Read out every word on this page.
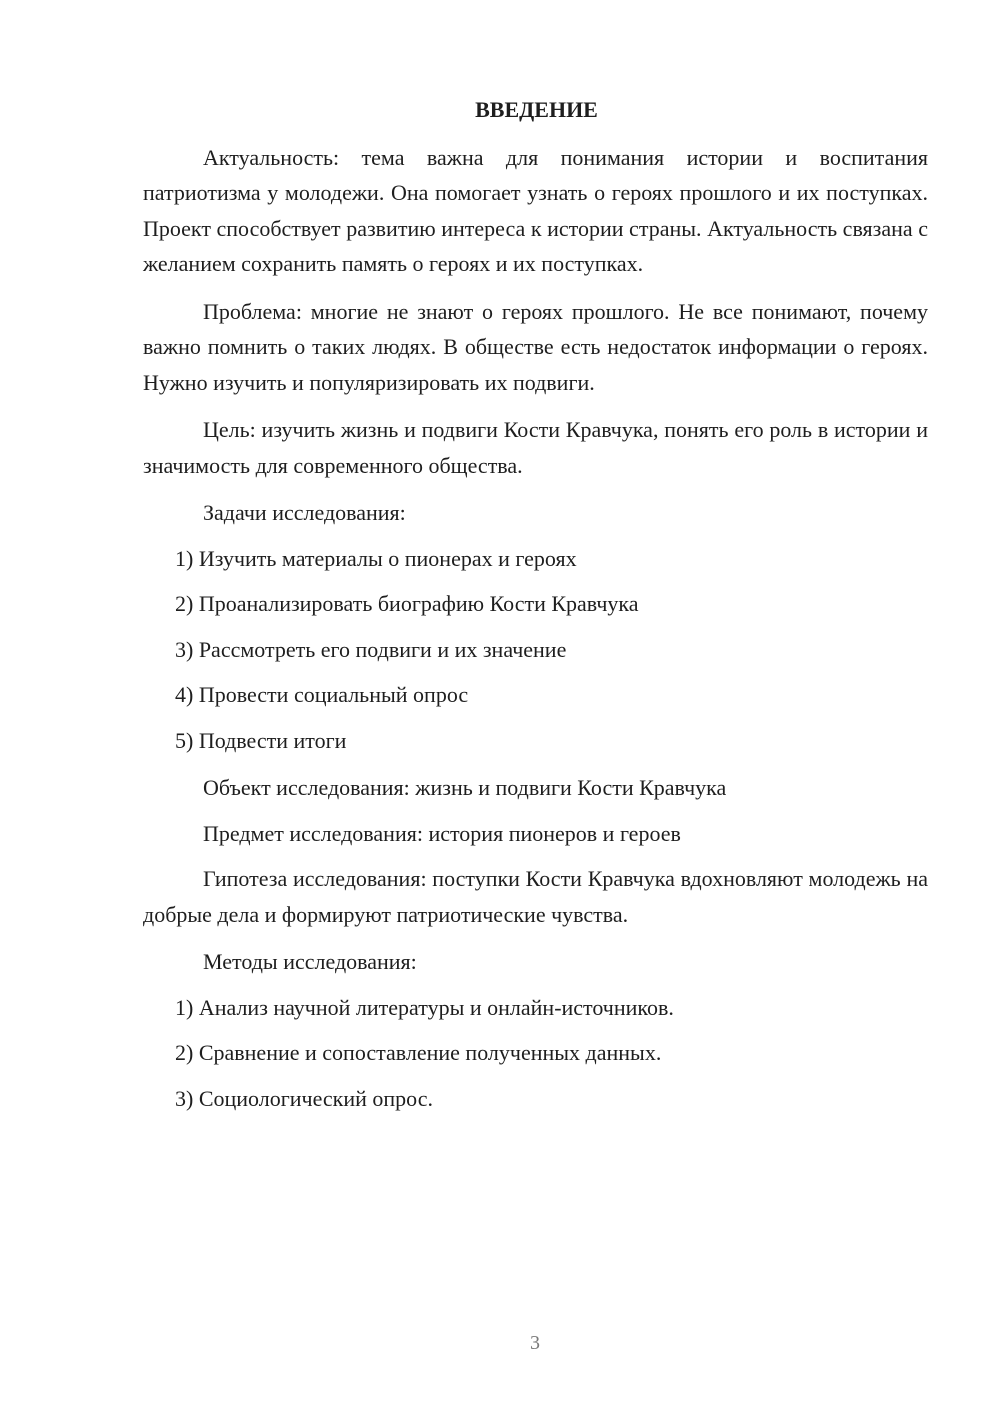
ВВЕДЕНИЕ

Актуальность: тема важна для понимания истории и воспитания патриотизма у молодежи. Она помогает узнать о героях прошлого и их поступках. Проект способствует развитию интереса к истории страны. Актуальность связана с желанием сохранить память о героях и их поступках.

Проблема: многие не знают о героях прошлого. Не все понимают, почему важно помнить о таких людях. В обществе есть недостаток информации о героях. Нужно изучить и популяризировать их подвиги.

Цель: изучить жизнь и подвиги Кости Кравчука, понять его роль в истории и значимость для современного общества.

Задачи исследования:
1) Изучить материалы о пионерах и героях
2) Проанализировать биографию Кости Кравчука
3) Рассмотреть его подвиги и их значение
4) Провести социальный опрос
5) Подвести итоги
Объект исследования: жизнь и подвиги Кости Кравчука
Предмет исследования: история пионеров и героев

Гипотеза исследования: поступки Кости Кравчука вдохновляют молодежь на добрые дела и формируют патриотические чувства.

Методы исследования:
1) Анализ научной литературы и онлайн-источников.
2) Сравнение и сопоставление полученных данных.
3) Социологический опрос.
3
